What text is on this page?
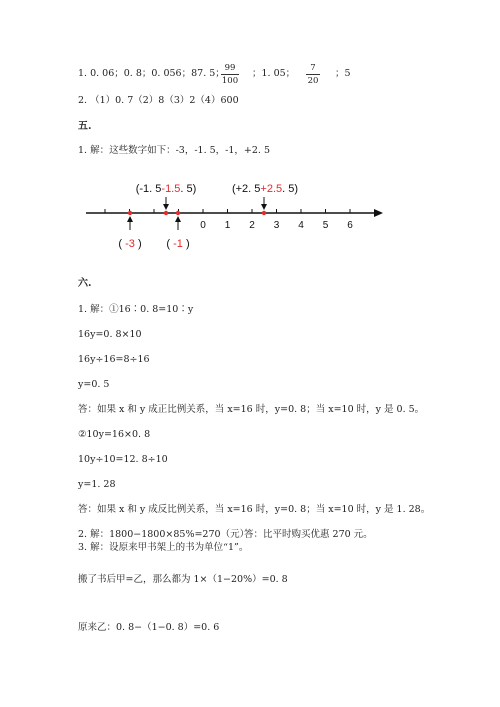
1. 0. 06；0. 8；0. 056；87. 5； 99
100
；1. 05；	7
20
；5
2. （1）0. 7（2）8（3）2（4）600
五.
1. 解：这些数字如下：-3，-1. 5，-1，+2. 5
0 1 2 3 4 5 6
(-1. 5-1.5. 5)	(+2. 5+2.5. 5)
( -3 ) ( -1 )
六.
1. 解：①16∶0. 8=10∶y
16y=0. 8×10
16y÷16=8÷16
y=0. 5
答：如果 x 和 y 成正比例关系，当 x=16 时，y=0. 8；当 x=10 时，y 是 0. 5。
②10y=16×0. 8
10y÷10=12. 8÷10
y=1. 28
答：如果 x 和 y 成反比例关系，当 x=16 时，y=0. 8；当 x=10 时，y 是 1. 28。
2. 解：1800−1800×85%=270（元）
答：比平时购买优惠 270 元。
3. 解：设原来甲书架上的书为单位“1”。
搬了书后甲=乙，那么都为 1×（1−20%）=0. 8
原来乙：0. 8−（1−0. 8）=0. 6
